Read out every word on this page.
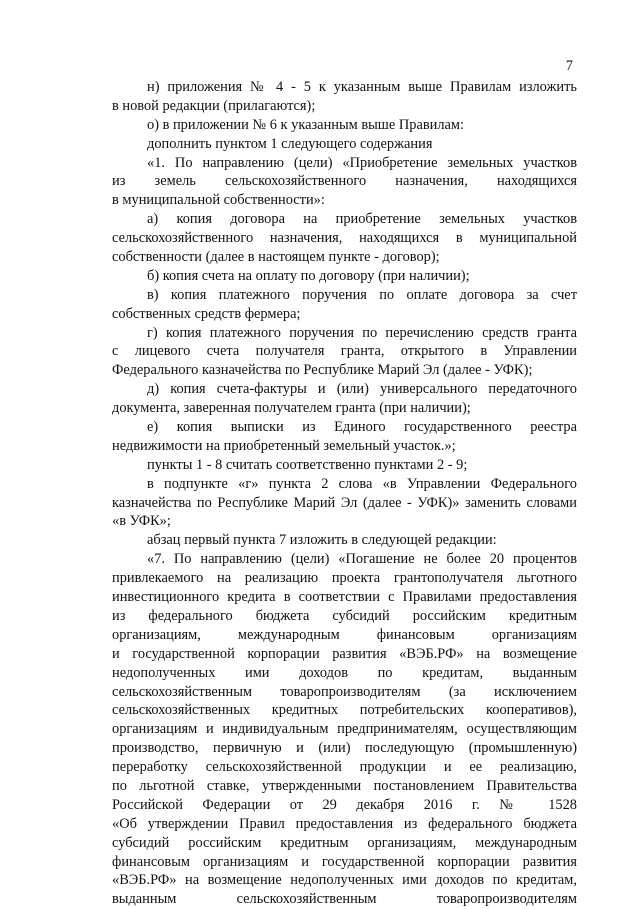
7
н) приложения № 4 - 5 к указанным выше Правилам изложить
в новой редакции (прилагаются);
о) в приложении № 6 к указанным выше Правилам:
дополнить пунктом 1 следующего содержания
«1. По направлению (цели) «Приобретение земельных участков
из земель сельскохозяйственного назначения, находящихся
в муниципальной собственности»:
а) копия договора на приобретение земельных участков
сельскохозяйственного назначения, находящихся в муниципальной
собственности (далее в настоящем пункте - договор);
б) копия счета на оплату по договору (при наличии);
в) копия платежного поручения по оплате договора за счет
собственных средств фермера;
г) копия платежного поручения по перечислению средств гранта
с лицевого счета получателя гранта, открытого в Управлении
Федерального казначейства по Республике Марий Эл (далее - УФК);
д) копия счета-фактуры и (или) универсального передаточного
документа, заверенная получателем гранта (при наличии);
е) копия выписки из Единого государственного реестра
недвижимости на приобретенный земельный участок.»;
пункты 1 - 8 считать соответственно пунктами 2 - 9;
в подпункте «г» пункта 2 слова «в Управлении Федерального
казначейства по Республике Марий Эл (далее - УФК)» заменить словами
«в УФК»;
абзац первый пункта 7 изложить в следующей редакции:
«7. По направлению (цели) «Погашение не более 20 процентов
привлекаемого на реализацию проекта грантополучателя льготного
инвестиционного кредита в соответствии с Правилами предоставления
из федерального бюджета субсидий российским кредитным
организациям, международным финансовым организациям
и государственной корпорации развития «ВЭБ.РФ» на возмещение
недополученных ими доходов по кредитам, выданным
сельскохозяйственным товаропроизводителям (за исключением
сельскохозяйственных кредитных потребительских кооперативов),
организациям и индивидуальным предпринимателям, осуществляющим
производство, первичную и (или) последующую (промышленную)
переработку сельскохозяйственной продукции и ее реализацию,
по льготной ставке, утвержденными постановлением Правительства
Российской Федерации от 29 декабря 2016 г. № 1528
«Об утверждении Правил предоставления из федерального бюджета
субсидий российским кредитным организациям, международным
финансовым организациям и государственной корпорации развития
«ВЭБ.РФ» на возмещение недополученных ими доходов по кредитам,
выданным сельскохозяйственным товаропроизводителям
